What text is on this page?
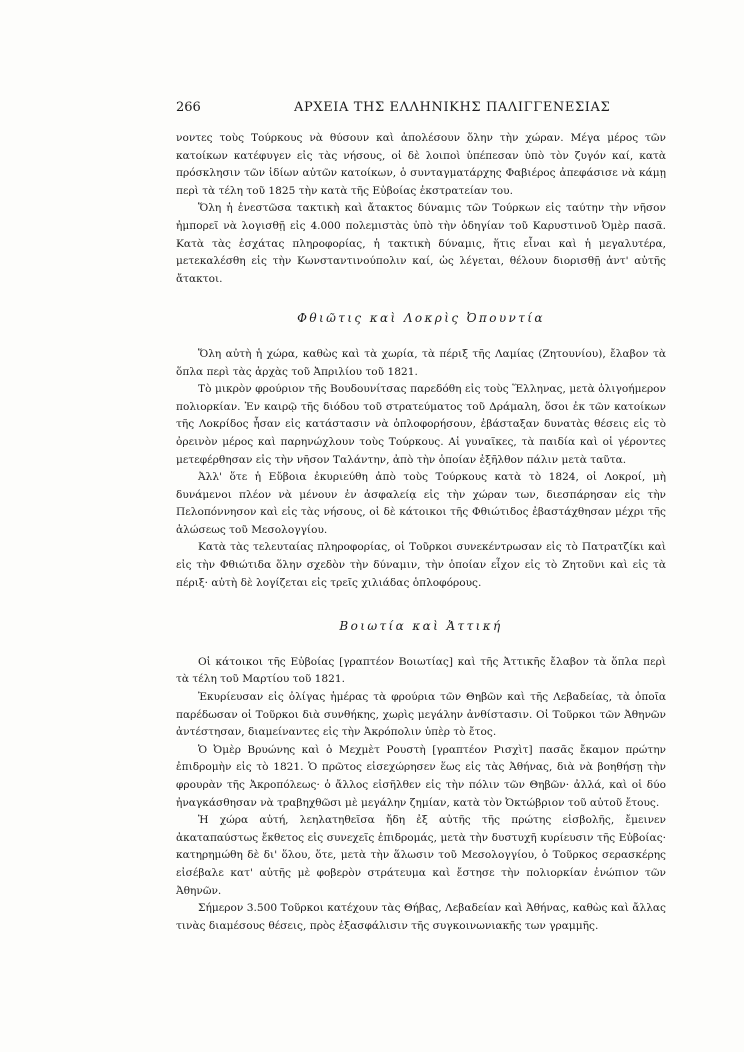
266	ΑΡΧΕΙΑ ΤΗΣ ΕΛΛΗΝΙΚΗΣ ΠΑΛΙΓΓΕΝΕΣΙΑΣ

νοντες τοὺς Τούρκους νὰ θύσουν καὶ ἀπολέσουν ὅλην τὴν χώραν. Μέγα μέρος τῶν κατοίκων κατέφυγεν εἰς τὰς νήσους, οἱ δὲ λοιποὶ ὑπέπεσαν ὑπὸ τὸν ζυγόν καί, κατὰ πρόσκλησιν τῶν ἰδίων αὐτῶν κατοίκων, ὁ συνταγματάρχης Φαβιέρος ἀπεφάσισε νὰ κάμῃ περὶ τὰ τέλη τοῦ 1825 τὴν κατὰ τῆς Εὐβοίας ἐκστρατείαν του.

Ὅλη ἡ ἐνεστῶσα τακτικὴ καὶ ἄτακτος δύναμις τῶν Τούρκων εἰς ταύτην τὴν νῆσον ἠμπορεῖ νὰ λογισθῇ εἰς 4.000 πολεμιστὰς ὑπὸ τὴν ὁδηγίαν τοῦ Καρυστινοῦ Ὀμὲρ πασᾶ. Κατὰ τὰς ἐσχάτας πληροφορίας, ἡ τακτικὴ δύναμις, ἥτις εἶναι καὶ ἡ μεγαλυτέρα, μετεκαλέσθη εἰς τὴν Κωνσταντινούπολιν καί, ὡς λέγεται, θέλουν διορισθῇ ἀντ' αὐτῆς ἄτακτοι.

Φθιῶτις καὶ Λοκρὶς Ὀπουντία

Ὅλη αὐτὴ ἡ χώρα, καθὼς καὶ τὰ χωρία, τὰ πέριξ τῆς Λαμίας (Ζητουνίου), ἔλαβον τὰ ὅπλα περὶ τὰς ἀρχὰς τοῦ Ἀπριλίου τοῦ 1821.

Τὸ μικρὸν φρούριον τῆς Βουδουνίτσας παρεδόθη εἰς τοὺς Ἕλληνας, μετὰ ὀλιγοήμερον πολιορκίαν. Ἐν καιρῷ τῆς διόδου τοῦ στρατεύματος τοῦ Δράμαλη, ὅσοι ἐκ τῶν κατοίκων τῆς Λοκρίδος ἦσαν εἰς κατάστασιν νὰ ὁπλοφορήσουν, ἐβάσταξαν δυνατὰς θέσεις εἰς τὸ ὀρεινὸν μέρος καὶ παρηνώχλουν τοὺς Τούρκους. Αἱ γυναῖκες, τὰ παιδία καὶ οἱ γέροντες μετεφέρθησαν εἰς τὴν νῆσον Ταλάντην, ἀπὸ τὴν ὁποίαν ἐξῆλθον πάλιν μετὰ ταῦτα.

Ἀλλ' ὅτε ἡ Εὔβοια ἐκυριεύθη ἀπὸ τοὺς Τούρκους κατὰ τὸ 1824, οἱ Λοκροί, μὴ δυνάμενοι πλέον νὰ μένουν ἐν ἀσφαλείᾳ εἰς τὴν χώραν των, διεσπάρησαν εἰς τὴν Πελοπόννησον καὶ εἰς τὰς νήσους, οἱ δὲ κάτοικοι τῆς Φθιώτιδος ἐβαστάχθησαν μέχρι τῆς ἁλώσεως τοῦ Μεσολογγίου.

Κατὰ τὰς τελευταίας πληροφορίας, οἱ Τοῦρκοι συνεκέντρωσαν εἰς τὸ Πατρατζίκι καὶ εἰς τὴν Φθιώτιδα ὅλην σχεδὸν τὴν δύναμιν, τὴν ὁποίαν εἶχον εἰς τὸ Ζητοῦνι καὶ εἰς τὰ πέριξ· αὐτὴ δὲ λογίζεται εἰς τρεῖς χιλιάδας ὁπλοφόρους.

Βοιωτία καὶ Ἀττική

Οἱ κάτοικοι τῆς Εὐβοίας [γραπτέον Βοιωτίας] καὶ τῆς Ἀττικῆς ἔλαβον τὰ ὅπλα περὶ τὰ τέλη τοῦ Μαρτίου τοῦ 1821.

Ἐκυρίευσαν εἰς ὀλίγας ἡμέρας τὰ φρούρια τῶν Θηβῶν καὶ τῆς Λεβαδείας, τὰ ὁποῖα παρέδωσαν οἱ Τοῦρκοι διὰ συνθήκης, χωρὶς μεγάλην ἀνθίστασιν. Οἱ Τοῦρκοι τῶν Ἀθηνῶν ἀντέστησαν, διαμείναντες εἰς τὴν Ἀκρόπολιν ὑπὲρ τὸ ἔτος.

Ὁ Ὀμὲρ Βρυώνης καὶ ὁ Μεχμὲτ Ρουστὴ [γραπτέον Ρισχὶτ] πασᾶς ἔκαμον πρώτην ἐπιδρομὴν εἰς τὸ 1821. Ὁ πρῶτος εἰσεχώρησεν ἕως εἰς τὰς Ἀθήνας, διὰ νὰ βοηθήσῃ τὴν φρουρὰν τῆς Ἀκροπόλεως· ὁ ἄλλος εἰσῆλθεν εἰς τὴν πόλιν τῶν Θηβῶν· ἀλλά, καὶ οἱ δύο ἠναγκάσθησαν νὰ τραβηχθῶσι μὲ μεγάλην ζημίαν, κατὰ τὸν Ὀκτώβριον τοῦ αὐτοῦ ἔτους.

Ἡ χώρα αὐτή, λεηλατηθεῖσα ἤδη ἐξ αὐτῆς τῆς πρώτης εἰσβολῆς, ἔμεινεν ἀκαταπαύστως ἔκθετος εἰς συνεχεῖς ἐπιδρομάς, μετὰ τὴν δυστυχῆ κυρίευσιν τῆς Εὐβοίας· κατηρημώθη δὲ δι' ὅλου, ὅτε, μετὰ τὴν ἅλωσιν τοῦ Μεσολογγίου, ὁ Τοῦρκος σερασκέρης εἰσέβαλε κατ' αὐτῆς μὲ φοβερὸν στράτευμα καὶ ἔστησε τὴν πολιορκίαν ἐνώπιον τῶν Ἀθηνῶν.

Σήμερον 3.500 Τοῦρκοι κατέχουν τὰς Θήβας, Λεβαδείαν καὶ Ἀθήνας, καθὼς καὶ ἄλλας τινὰς διαμέσους θέσεις, πρὸς ἐξασφάλισιν τῆς συγκοινωνιακῆς των γραμμῆς.
